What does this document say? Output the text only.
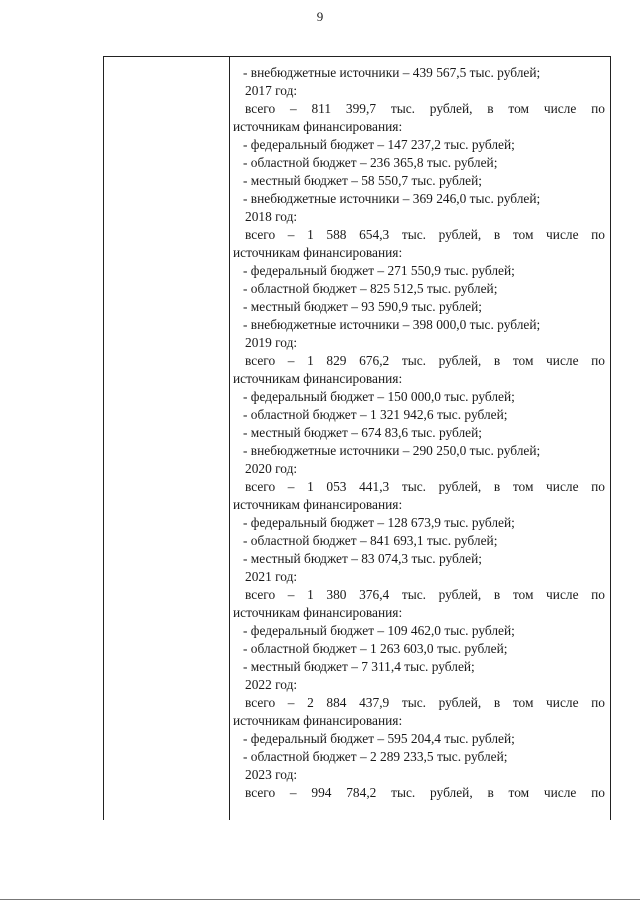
9
- внебюджетные источники – 439 567,5 тыс. рублей;
2017 год:
всего – 811 399,7 тыс. рублей, в том числе по
источникам финансирования:
- федеральный бюджет – 147 237,2 тыс. рублей;
- областной бюджет – 236 365,8 тыс. рублей;
- местный бюджет – 58 550,7 тыс. рублей;
- внебюджетные источники – 369 246,0 тыс. рублей;
2018 год:
всего – 1 588 654,3 тыс. рублей, в том числе по
источникам финансирования:
- федеральный бюджет – 271 550,9 тыс. рублей;
- областной бюджет – 825 512,5 тыс. рублей;
- местный бюджет – 93 590,9 тыс. рублей;
- внебюджетные источники – 398 000,0 тыс. рублей;
2019 год:
всего – 1 829 676,2 тыс. рублей, в том числе по
источникам финансирования:
- федеральный бюджет – 150 000,0 тыс. рублей;
- областной бюджет – 1 321 942,6 тыс. рублей;
- местный бюджет – 674 83,6 тыс. рублей;
- внебюджетные источники – 290 250,0 тыс. рублей;
2020 год:
всего – 1 053 441,3 тыс. рублей, в том числе по
источникам финансирования:
- федеральный бюджет – 128 673,9 тыс. рублей;
- областной бюджет – 841 693,1 тыс. рублей;
- местный бюджет – 83 074,3 тыс. рублей;
2021 год:
всего – 1 380 376,4 тыс. рублей, в том числе по
источникам финансирования:
- федеральный бюджет – 109 462,0 тыс. рублей;
- областной бюджет – 1 263 603,0 тыс. рублей;
- местный бюджет – 7 311,4 тыс. рублей;
2022 год:
всего – 2 884 437,9 тыс. рублей, в том числе по
источникам финансирования:
- федеральный бюджет – 595 204,4 тыс. рублей;
- областной бюджет – 2 289 233,5 тыс. рублей;
2023 год:
всего – 994 784,2 тыс. рублей, в том числе по
